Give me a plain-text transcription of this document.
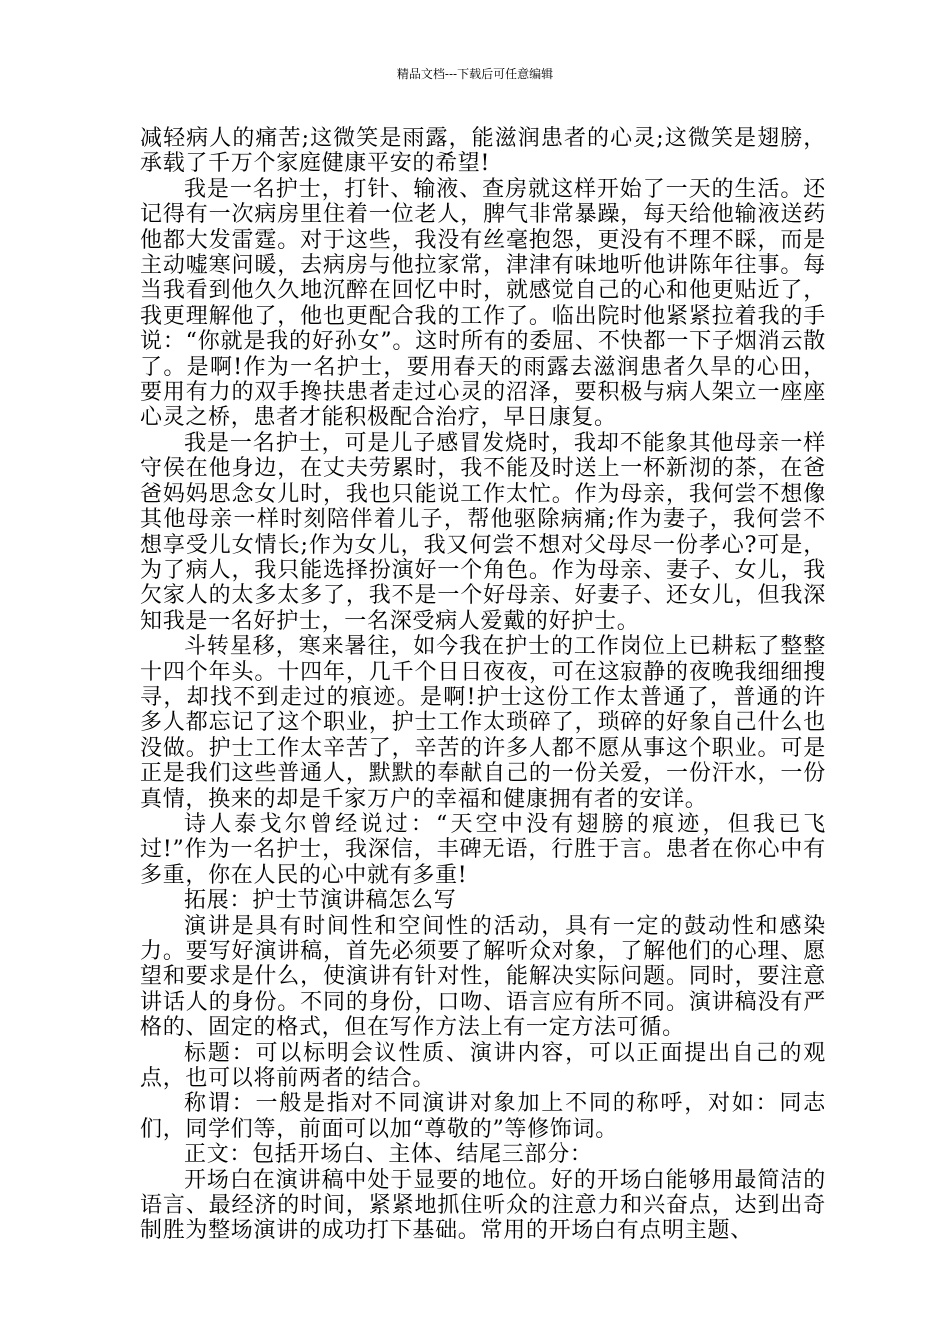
精品文档---下载后可任意编辑

减轻病人的痛苦;这微笑是雨露，能滋润患者的心灵;这微笑是翅膀，承载了千万个家庭健康平安的希望!

我是一名护士，打针、输液、查房就这样开始了一天的生活。还记得有一次病房里住着一位老人，脾气非常暴躁，每天给他输液送药他都大发雷霆。对于这些，我没有丝毫抱怨，更没有不理不睬，而是主动嘘寒问暖，去病房与他拉家常，津津有味地听他讲陈年往事。每当我看到他久久地沉醉在回忆中时，就感觉自己的心和他更贴近了，我更理解他了，他也更配合我的工作了。临出院时他紧紧拉着我的手说：“你就是我的好孙女”。这时所有的委屈、不快都一下子烟消云散了。是啊!作为一名护士，要用春天的雨露去滋润患者久旱的心田，要用有力的双手搀扶患者走过心灵的沼泽，要积极与病人架立一座座心灵之桥，患者才能积极配合治疗，早日康复。

我是一名护士，可是儿子感冒发烧时，我却不能象其他母亲一样守侯在他身边，在丈夫劳累时，我不能及时送上一杯新沏的茶，在爸爸妈妈思念女儿时，我也只能说工作太忙。作为母亲，我何尝不想像其他母亲一样时刻陪伴着儿子，帮他驱除病痛;作为妻子，我何尝不想享受儿女情长;作为女儿，我又何尝不想对父母尽一份孝心?可是，为了病人，我只能选择扮演好一个角色。作为母亲、妻子、女儿，我欠家人的太多太多了，我不是一个好母亲、好妻子、还女儿，但我深知我是一名好护士，一名深受病人爱戴的好护士。

斗转星移，寒来暑往，如今我在护士的工作岗位上已耕耘了整整十四个年头。十四年，几千个日日夜夜，可在这寂静的夜晚我细细搜寻，却找不到走过的痕迹。是啊!护士这份工作太普通了，普通的许多人都忘记了这个职业，护士工作太琐碎了，琐碎的好象自己什么也没做。护士工作太辛苦了，辛苦的许多人都不愿从事这个职业。可是正是我们这些普通人，默默的奉献自己的一份关爱，一份汗水，一份真情，换来的却是千家万户的幸福和健康拥有者的安详。

诗人泰戈尔曾经说过：“天空中没有翅膀的痕迹，但我已飞过!”作为一名护士，我深信，丰碑无语，行胜于言。患者在你心中有多重，你在人民的心中就有多重!

拓展：护士节演讲稿怎么写

演讲是具有时间性和空间性的活动，具有一定的鼓动性和感染力。要写好演讲稿，首先必须要了解听众对象，了解他们的心理、愿望和要求是什么，使演讲有针对性，能解决实际问题。同时，要注意讲话人的身份。不同的身份，口吻、语言应有所不同。演讲稿没有严格的、固定的格式，但在写作方法上有一定方法可循。

标题：可以标明会议性质、演讲内容，可以正面提出自己的观点，也可以将前两者的结合。

称谓：一般是指对不同演讲对象加上不同的称呼，对如：同志们，同学们等，前面可以加“尊敬的”等修饰词。

正文：包括开场白、主体、结尾三部分：

开场白在演讲稿中处于显要的地位。好的开场白能够用最简洁的语言、最经济的时间，紧紧地抓住听众的注意力和兴奋点，达到出奇制胜为整场演讲的成功打下基础。常用的开场白有点明主题、
